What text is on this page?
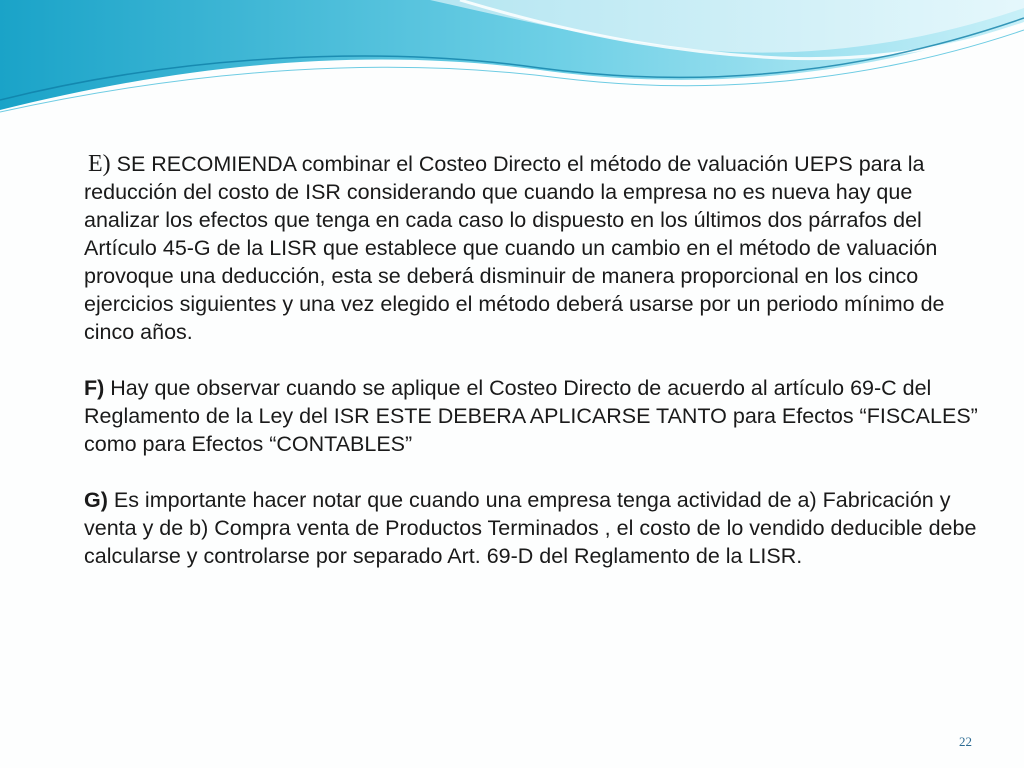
E) SE RECOMIENDA combinar el Costeo Directo el método de valuación UEPS para la reducción del costo de ISR considerando que cuando la empresa no es nueva hay que analizar los efectos que tenga en cada caso lo dispuesto en los últimos dos párrafos del Artículo 45-G de la LISR que establece que cuando un cambio en el método de valuación provoque una deducción, esta se deberá disminuir de manera proporcional en los cinco ejercicios siguientes y una vez elegido el método deberá usarse por un periodo mínimo de cinco años.

F) Hay que observar cuando se aplique el Costeo Directo de acuerdo al artículo 69-C del Reglamento de la Ley del ISR ESTE DEBERA APLICARSE TANTO para Efectos “FISCALES” como para Efectos “CONTABLES”

G) Es importante hacer notar que cuando una empresa tenga actividad de a) Fabricación y venta y de b) Compra venta de Productos Terminados , el costo de lo vendido deducible debe calcularse y controlarse por separado Art. 69-D del Reglamento de la LISR.

22
